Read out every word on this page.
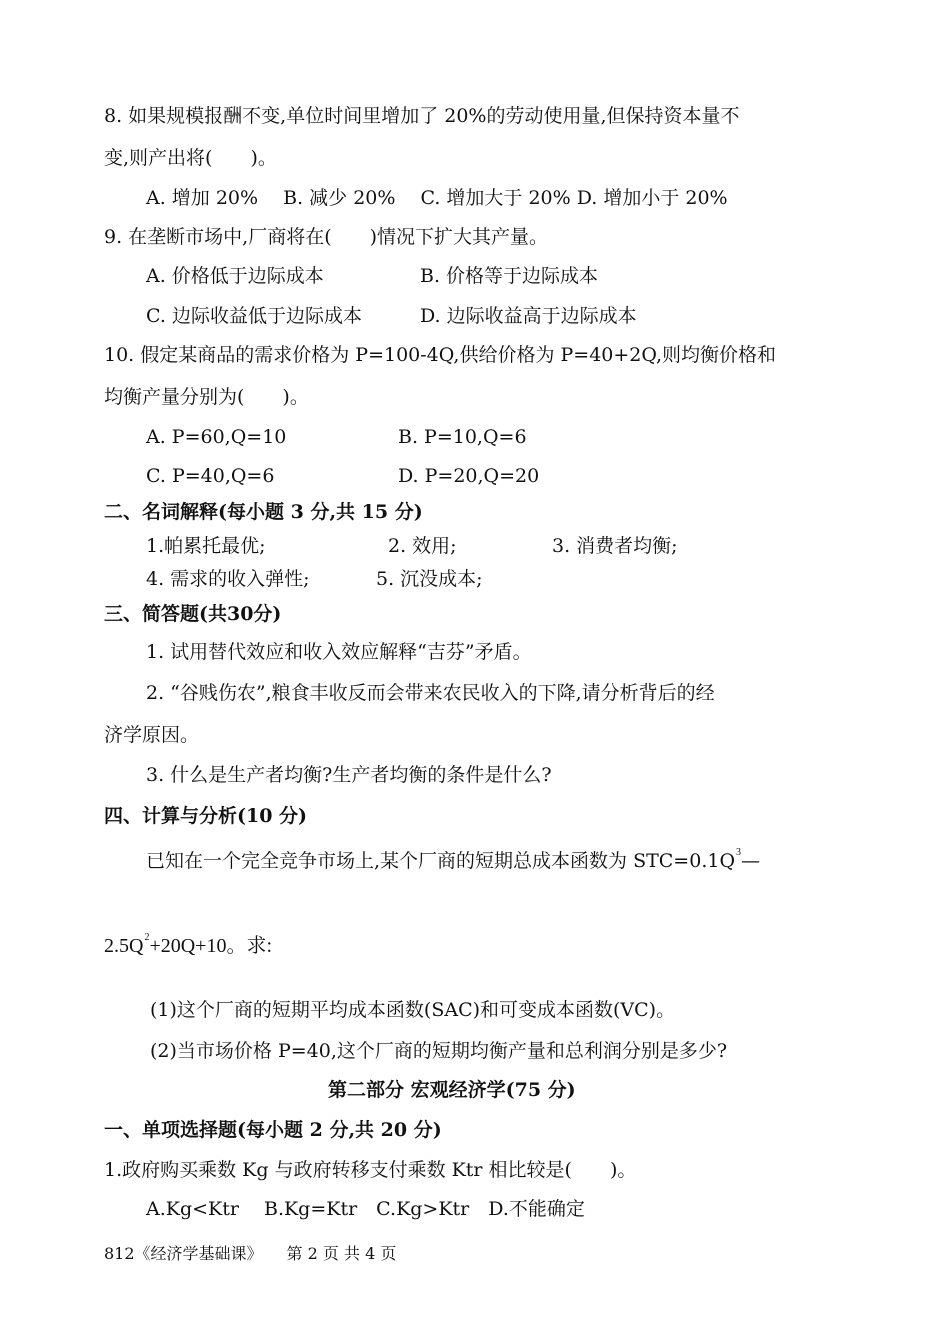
8. 如果规模报酬不变,单位时间里增加了 20%的劳动使用量,但保持资本量不
变,则产出将(　　)。
A. 增加 20%　 B. 减少 20%　 C. 增加大于 20% D. 增加小于 20%
9. 在垄断市场中,厂商将在(　　)情况下扩大其产量。
A. 价格低于边际成本	B. 价格等于边际成本
C. 边际收益低于边际成本	D. 边际收益高于边际成本
10. 假定某商品的需求价格为 P=100-4Q,供给价格为 P=40+2Q,则均衡价格和
均衡产量分别为(　　)。
A. P=60,Q=10	B. P=10,Q=6
C. P=40,Q=6	D. P=20,Q=20
二、名词解释(每小题 3 分,共 15 分)
1.帕累托最优;	2. 效用;	3. 消费者均衡;
4. 需求的收入弹性;	5. 沉没成本;
三、简答题(共30分)
1. 试用替代效应和收入效应解释“吉芬”矛盾。
2. “谷贱伤农”,粮食丰收反而会带来农民收入的下降,请分析背后的经
济学原因。
3. 什么是生产者均衡?生产者均衡的条件是什么?
四、计算与分析(10 分)
已知在一个完全竞争市场上,某个厂商的短期总成本函数为 $STC=0.1Q^3—$
$2.5Q^2+20Q+10$。求:
(1)这个厂商的短期平均成本函数(SAC)和可变成本函数(VC)。
(2)当市场价格 P=40,这个厂商的短期均衡产量和总利润分别是多少?
第二部分 宏观经济学(75 分)
一、单项选择题(每小题 2 分,共 20 分)
1.政府购买乘数 Kg 与政府转移支付乘数 Ktr 相比较是(　　)。
A.Kg<Ktr　 B.Kg=Ktr　C.Kg>Ktr　D.不能确定
812《经济学基础课》　　第 2 页 共 4 页
